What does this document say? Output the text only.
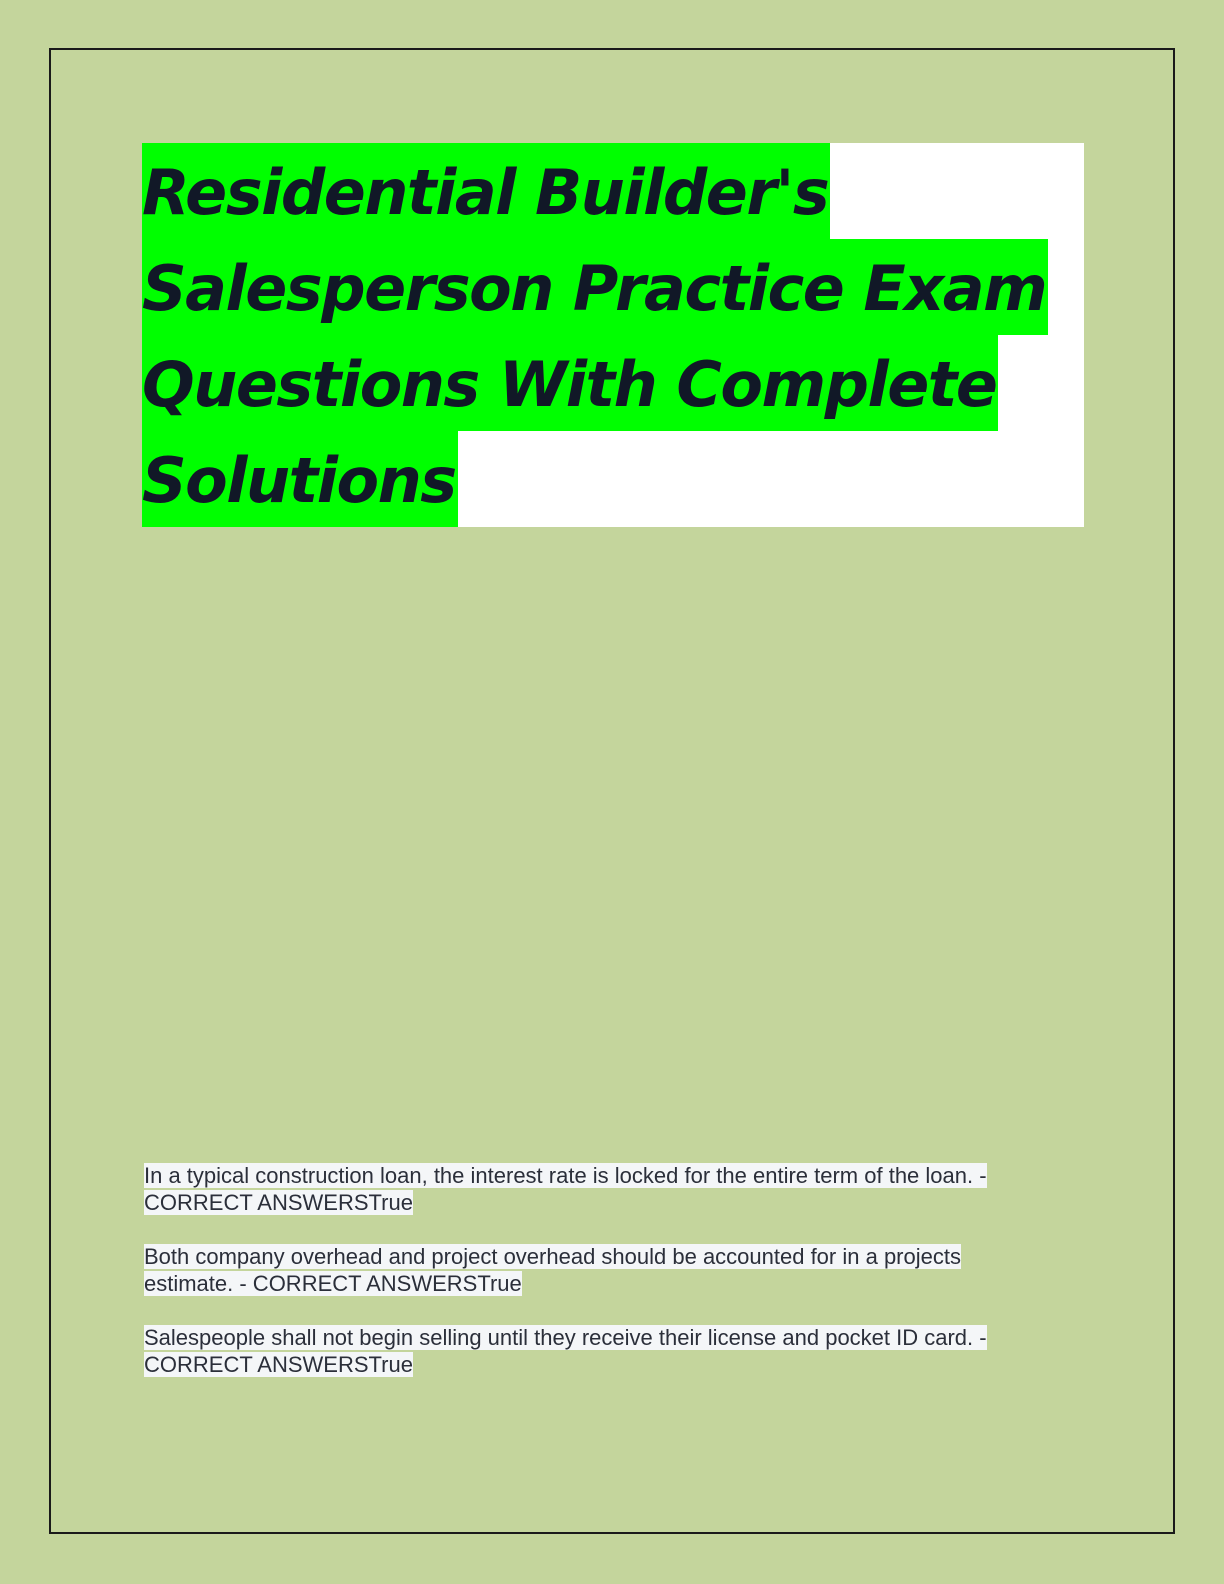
Residential Builder's
Salesperson Practice Exam
Questions With Complete
Solutions

In a typical construction loan, the interest rate is locked for the entire term of the loan. -
CORRECT ANSWERSTrue

Both company overhead and project overhead should be accounted for in a projects
estimate. - CORRECT ANSWERSTrue

Salespeople shall not begin selling until they receive their license and pocket ID card. -
CORRECT ANSWERSTrue
